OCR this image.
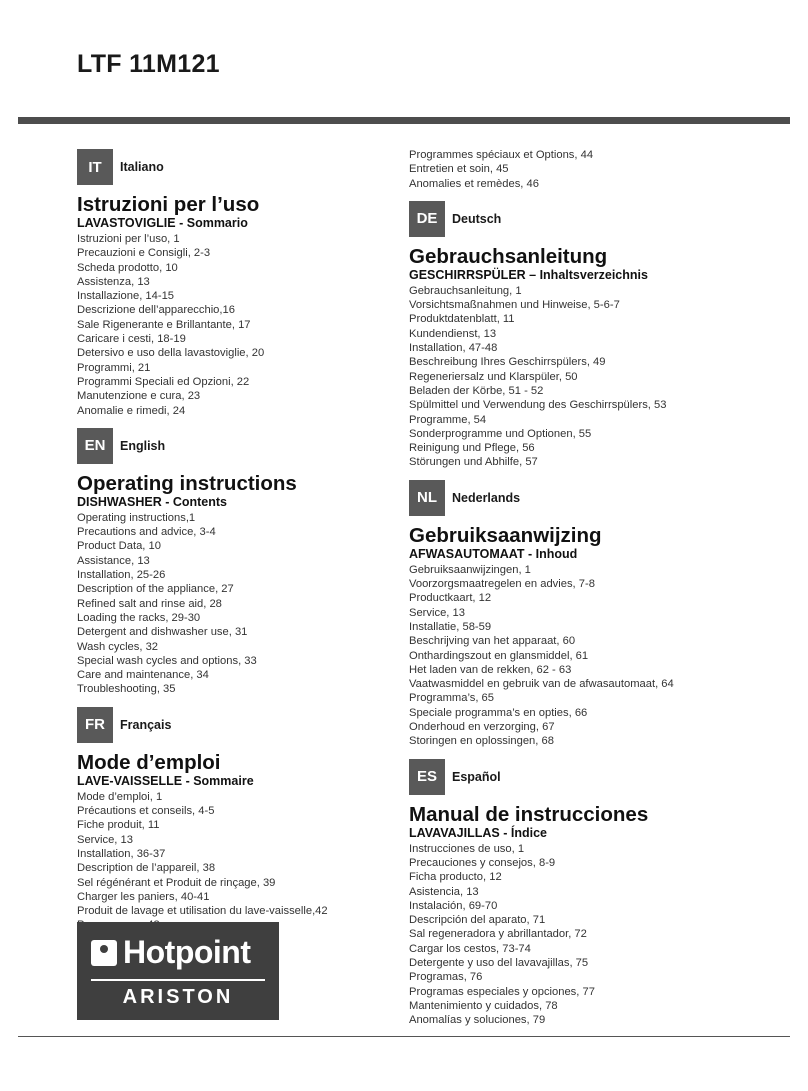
LTF 11M121
IT	Italiano
Istruzioni per l’uso
LAVASTOVIGLIE - Sommario
Istruzioni per l’uso, 1
Precauzioni e Consigli, 2-3
Scheda prodotto, 10
Assistenza, 13
Installazione, 14-15
Descrizione dell’apparecchio,16
Sale Rigenerante e Brillantante, 17
Caricare i cesti, 18-19
Detersivo e uso della lavastoviglie, 20
Programmi, 21
Programmi Speciali ed Opzioni, 22
Manutenzione e cura, 23
Anomalie e rimedi, 24
EN	English
Operating instructions
DISHWASHER - Contents
Operating instructions,1
Precautions and advice, 3-4
Product Data, 10
Assistance, 13
Installation, 25-26
Description of the appliance, 27
Refined salt and rinse aid, 28
Loading the racks, 29-30
Detergent and dishwasher use, 31
Wash cycles, 32
Special wash cycles and options, 33
Care and maintenance, 34
Troubleshooting, 35
FR	Français
Mode d’emploi
LAVE-VAISSELLE - Sommaire
Mode d’emploi, 1
Précautions et conseils, 4-5
Fiche produit, 11
Service, 13
Installation, 36-37
Description de l’appareil, 38
Sel régénérant et Produit de rinçage, 39
Charger les paniers, 40-41
Produit de lavage et utilisation du lave-vaisselle,42
Programmes spéciaux et Options, 44
Entretien et soin, 45
Anomalies et remèdes, 46
DE	Deutsch
Gebrauchsanleitung
GESCHIRRSPÜLER – Inhaltsverzeichnis
Gebrauchsanleitung, 1
Vorsichtsmaßnahmen und Hinweise, 5-6-7
Produktdatenblatt, 11
Kundendienst, 13
Installation, 47-48
Beschreibung Ihres Geschirrspülers, 49
Regeneriersalz und Klarspüler, 50
Beladen der Körbe, 51 - 52
Spülmittel und Verwendung des Geschirrspülers, 53
Programme, 54
Sonderprogramme und Optionen, 55
Reinigung und Pflege, 56
Störungen und Abhilfe, 57
NL	Nederlands
Gebruiksaanwijzing
AFWASAUTOMAAT - Inhoud
Gebruiksaanwijzingen, 1
Voorzorgsmaatregelen en advies, 7-8
Productkaart, 12
Service, 13
Installatie, 58-59
Beschrijving van het apparaat, 60
Onthardingszout en glansmiddel, 61
Het laden van de rekken, 62 - 63
Vaatwasmiddel en gebruik van de afwasautomaat, 64
Programma’s, 65
Speciale programma’s en opties, 66
Onderhoud en verzorging, 67
Storingen en oplossingen, 68
ES	Español
Manual de instrucciones
LAVAVAJILLAS - Índice
Instrucciones de uso, 1
Precauciones y consejos, 8-9
Ficha producto, 12
Asistencia, 13
Instalación, 69-70
Descripción del aparato, 71
Sal regeneradora y abrillantador, 72
Cargar los cestos, 73-74
Detergente y uso del lavavajillas, 75
Programas, 76
Programas especiales y opciones, 77
Mantenimiento y cuidados, 78
Anomalías y soluciones, 79
Hotpoint
ARISTON
